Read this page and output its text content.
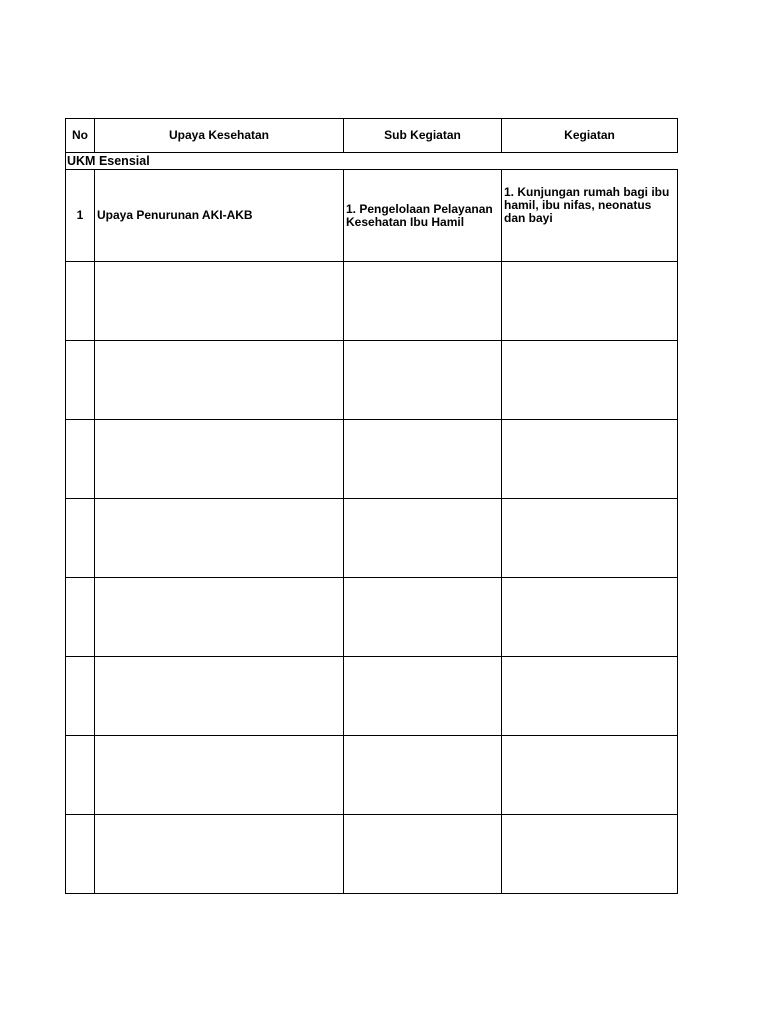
No	Upaya Kesehatan	Sub Kegiatan	Kegiatan
UKM Esensial			
1	Upaya Penurunan AKI-AKB	1. Pengelolaan Pelayanan Kesehatan Ibu Hamil	1. Kunjungan rumah bagi ibu hamil, ibu nifas, neonatus dan bayi
